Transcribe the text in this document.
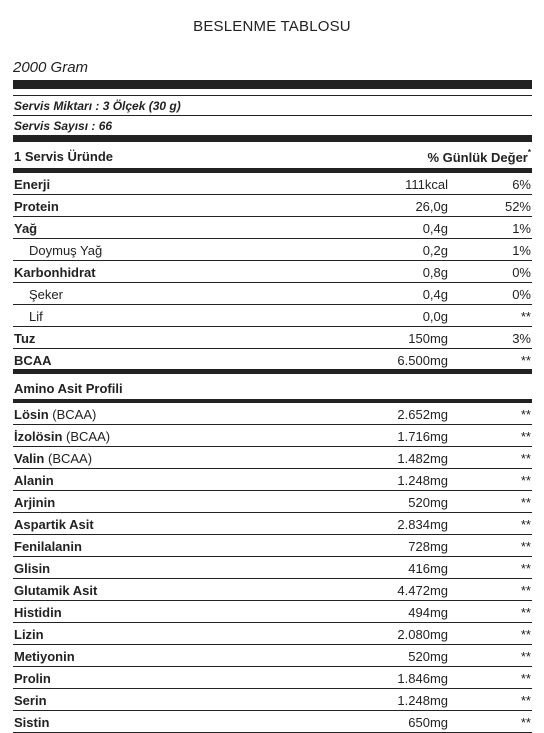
BESLENME TABLOSU
2000 Gram
Servis Miktarı : 3 Ölçek (30 g)
Servis Sayısı : 66
1 Servis Üründe	% Günlük Değer*
Enerji	111kcal	6%
Protein	26,0g	52%
Yağ	0,4g	1%
Doymuş Yağ	0,2g	1%
Karbonhidrat	0,8g	0%
Şeker	0,4g	0%
Lif	0,0g	**
Tuz	150mg	3%
BCAA	6.500mg	**
Amino Asit Profili
Lösin (BCAA)	2.652mg	**
İzolösin (BCAA)	1.716mg	**
Valin (BCAA)	1.482mg	**
Alanin	1.248mg	**
Arjinin	520mg	**
Aspartik Asit	2.834mg	**
Fenilalanin	728mg	**
Glisin	416mg	**
Glutamik Asit	4.472mg	**
Histidin	494mg	**
Lizin	2.080mg	**
Metiyonin	520mg	**
Prolin	1.846mg	**
Serin	1.248mg	**
Sistin	650mg	**
